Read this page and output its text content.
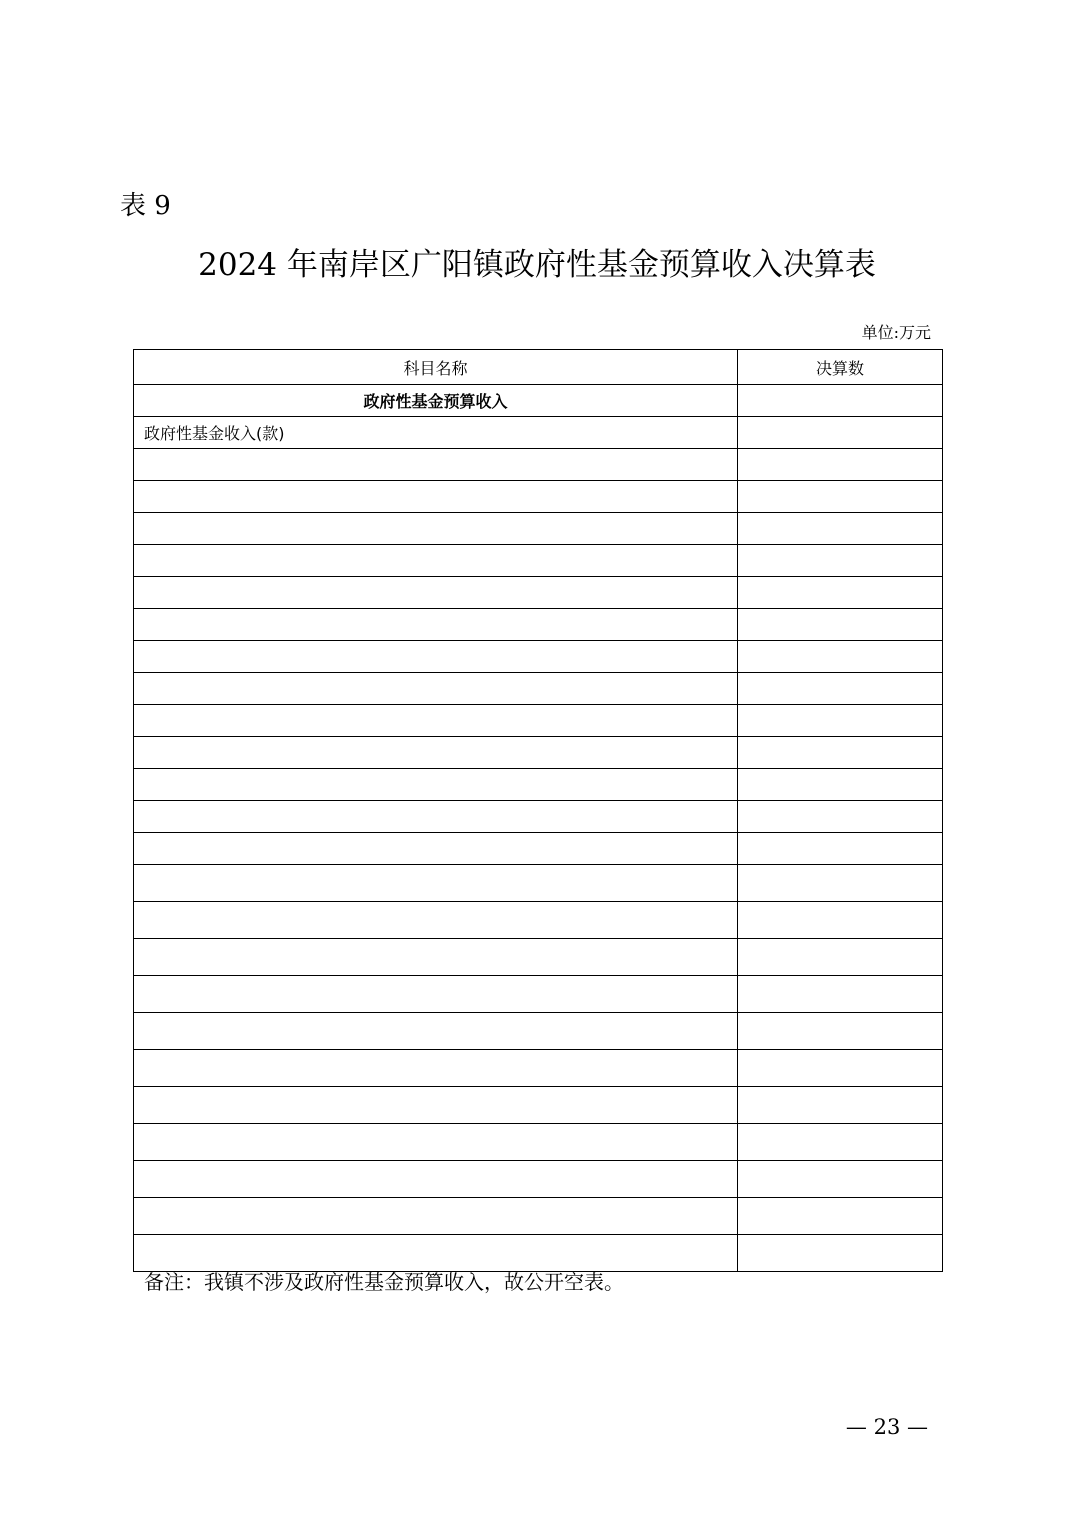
表 9
2024 年南岸区广阳镇政府性基金预算收入决算表
单位:万元
科目名称	决算数
政府性基金预算收入	
政府性基金收入(款)	

备注：我镇不涉及政府性基金预算收入，故公开空表。
— 23 —
